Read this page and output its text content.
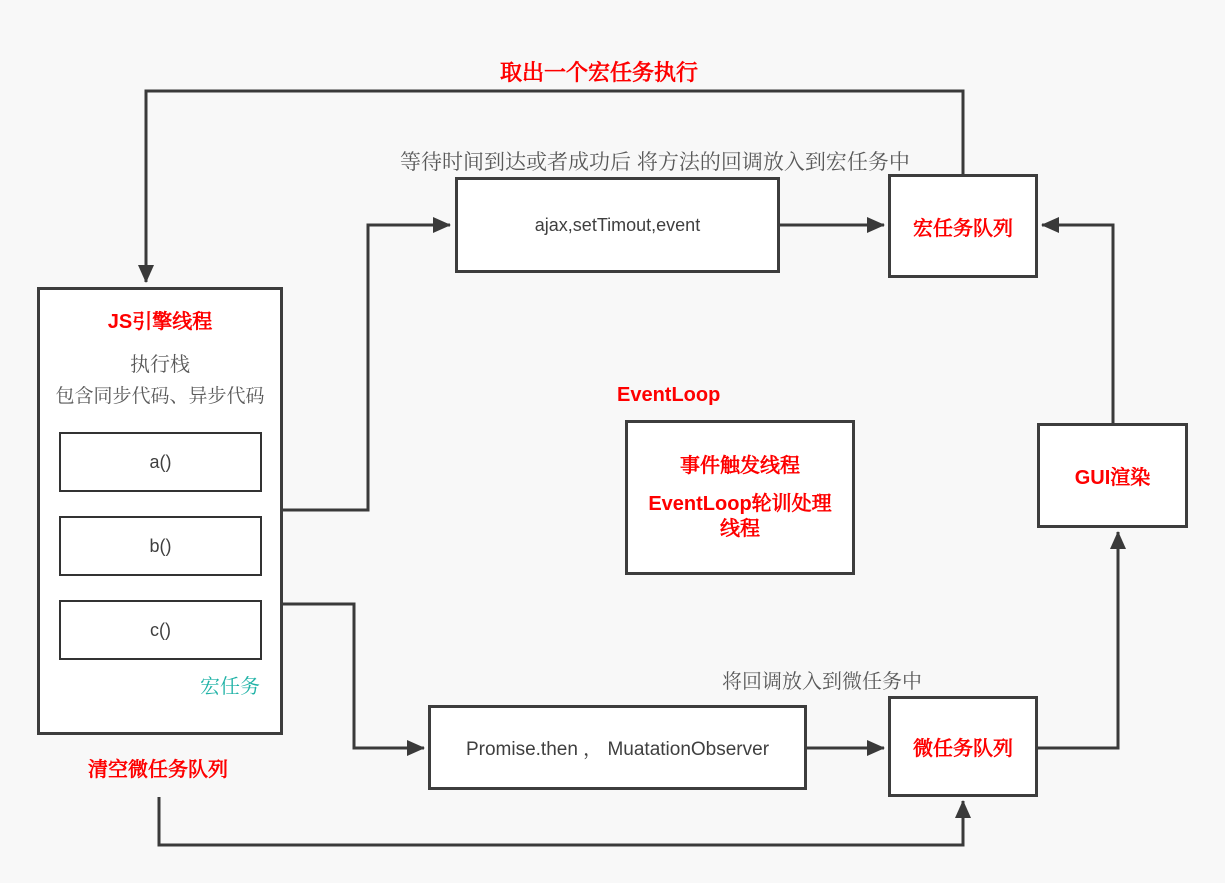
取出一个宏任务执行
等待时间到达或者成功后 将方法的回调放入到宏任务中
EventLoop
将回调放入到微任务中
清空微任务队列
JS引擎线程
执行栈
包含同步代码、异步代码
a()
b()
c()
宏任务
ajax,setTimout,event	宏任务队列
事件触发线程
EventLoop轮训处理线程
GUI渲染
Promise.then ， MuatationObserver	微任务队列
